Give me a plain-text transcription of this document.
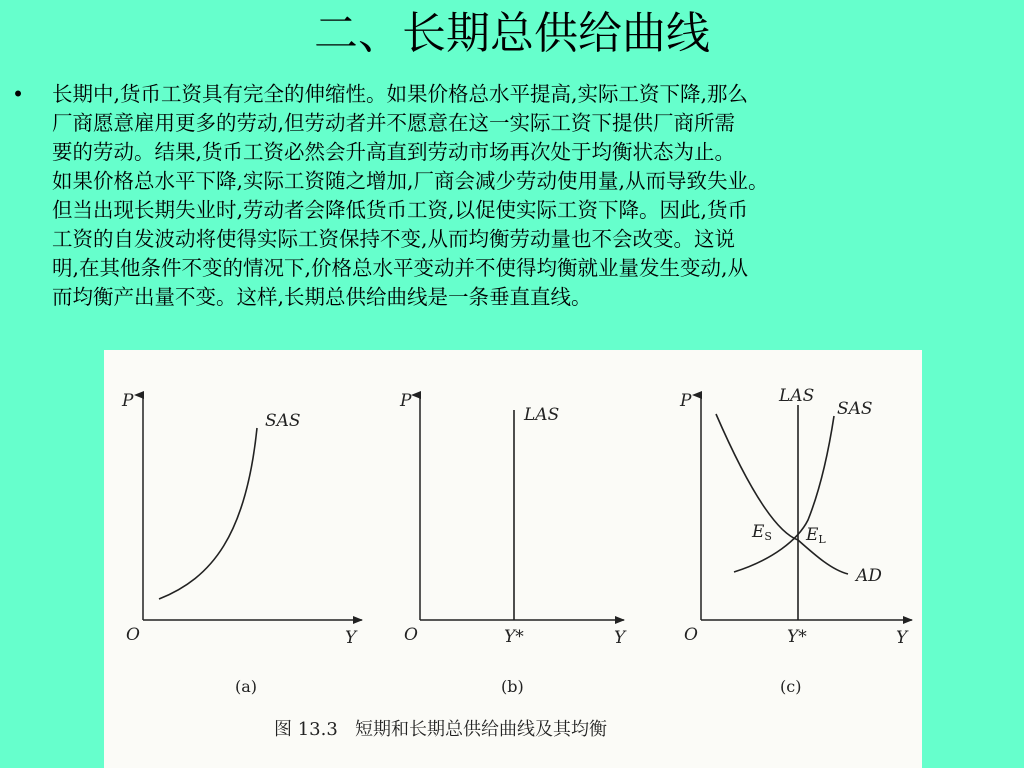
二、长期总供给曲线
• 长期中,货币工资具有完全的伸缩性。如果价格总水平提高,实际工资下降,那么
厂商愿意雇用更多的劳动,但劳动者并不愿意在这一实际工资下提供厂商所需
要的劳动。结果,货币工资必然会升高直到劳动市场再次处于均衡状态为止。
如果价格总水平下降,实际工资随之增加,厂商会减少劳动使用量,从而导致失业。
但当出现长期失业时,劳动者会降低货币工资,以促使实际工资下降。因此,货币
工资的自发波动将使得实际工资保持不变,从而均衡劳动量也不会改变。这说
明,在其他条件不变的情况下,价格总水平变动并不使得均衡就业量发生变动,从
而均衡产出量不变。这样,长期总供给曲线是一条垂直直线。
P
Y
O
SAS
(a)
P
Y
O
LAS
Y*
(b)
P
Y
O
LAS
SAS
AD
ES EL
Y*
(c)
图 13.3   短期和长期总供给曲线及其均衡
